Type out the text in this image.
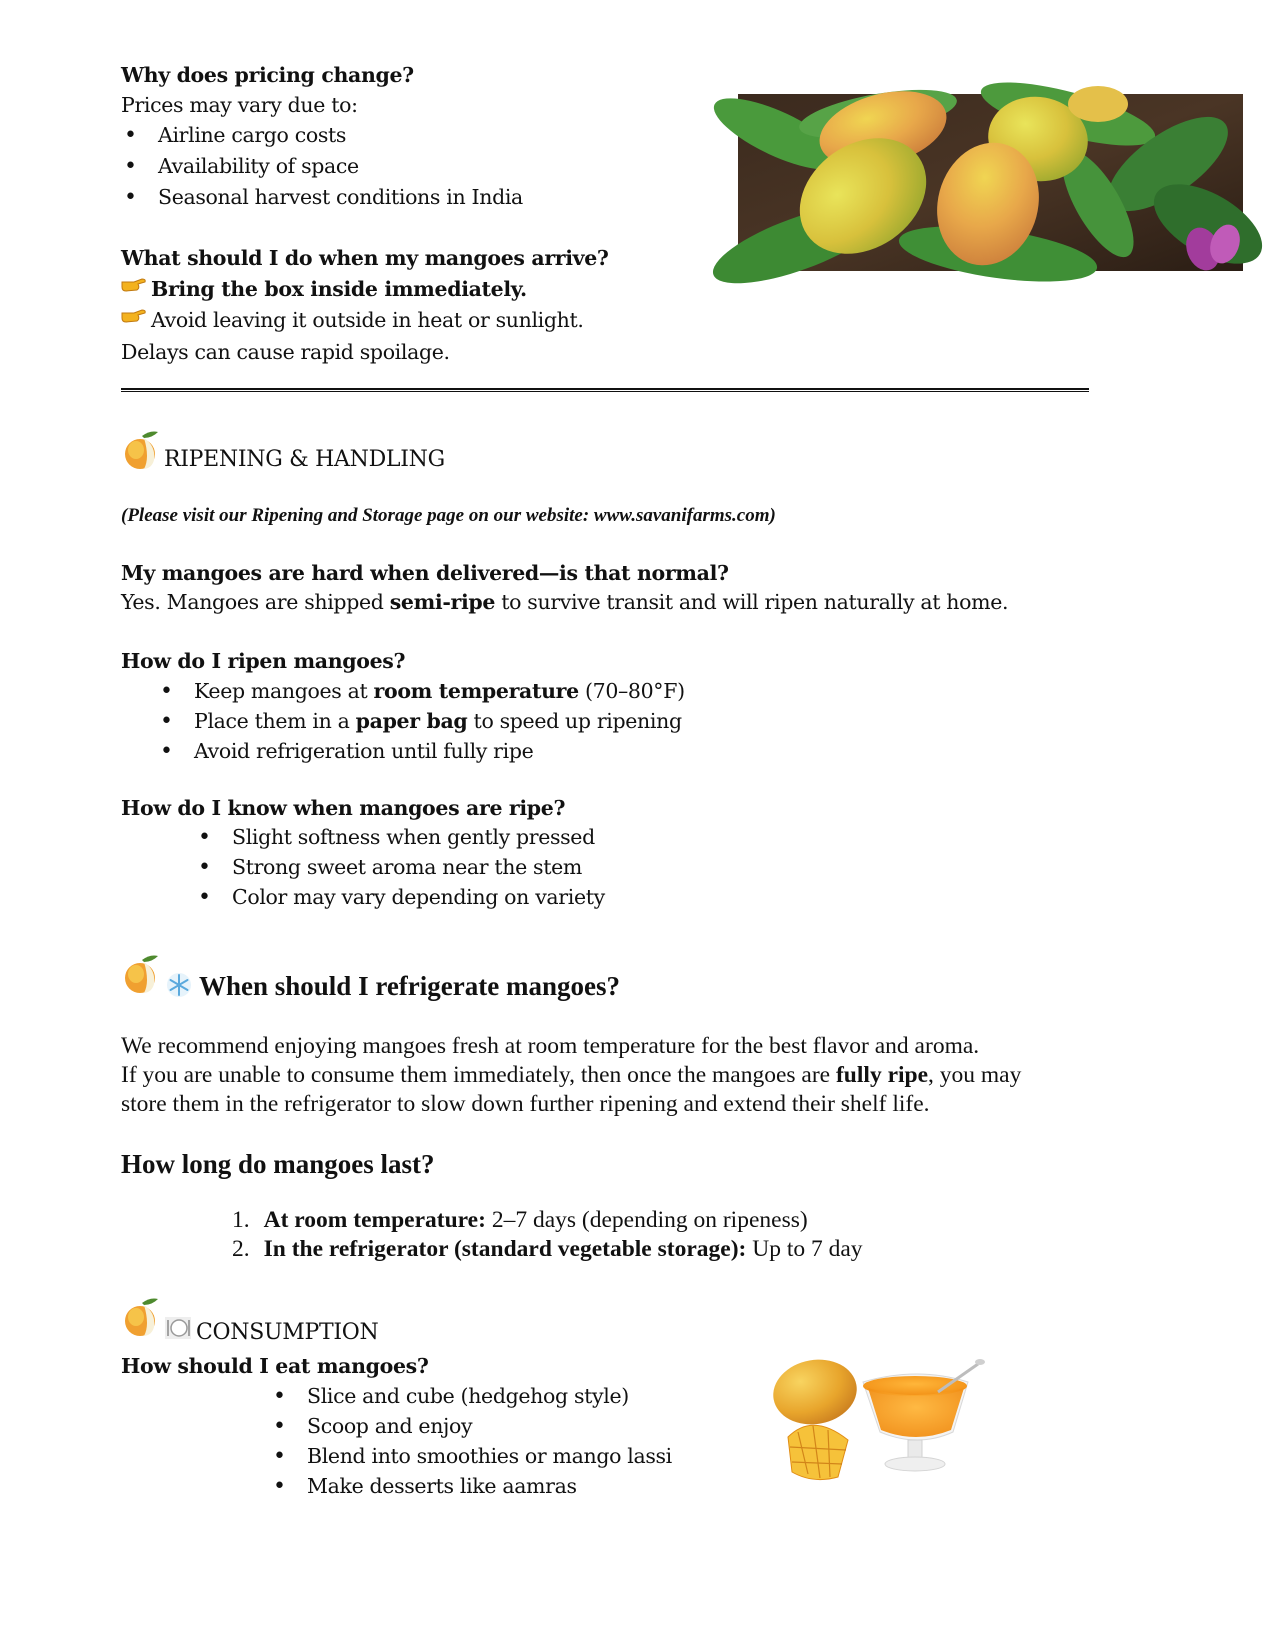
Why does pricing change?
Prices may vary due to:
• Airline cargo costs
• Availability of space
• Seasonal harvest conditions in India
What should I do when my mangoes arrive?
Bring the box inside immediately.
Avoid leaving it outside in heat or sunlight.
Delays can cause rapid spoilage.
RIPENING & HANDLING
(Please visit our Ripening and Storage page on our website: www.savanifarms.com)
My mangoes are hard when delivered—is that normal?
Yes. Mangoes are shipped semi-ripe to survive transit and will ripen naturally at home.
How do I ripen mangoes?
• Keep mangoes at room temperature (70–80°F)
• Place them in a paper bag to speed up ripening
• Avoid refrigeration until fully ripe
How do I know when mangoes are ripe?
• Slight softness when gently pressed
• Strong sweet aroma near the stem
• Color may vary depending on variety
When should I refrigerate mangoes?
We recommend enjoying mangoes fresh at room temperature for the best flavor and aroma.
If you are unable to consume them immediately, then once the mangoes are fully ripe, you may
store them in the refrigerator to slow down further ripening and extend their shelf life.
How long do mangoes last?
1. At room temperature: 2–7 days (depending on ripeness)
2. In the refrigerator (standard vegetable storage): Up to 7 day
CONSUMPTION
How should I eat mangoes?
• Slice and cube (hedgehog style)
• Scoop and enjoy
• Blend into smoothies or mango lassi
• Make desserts like aamras
